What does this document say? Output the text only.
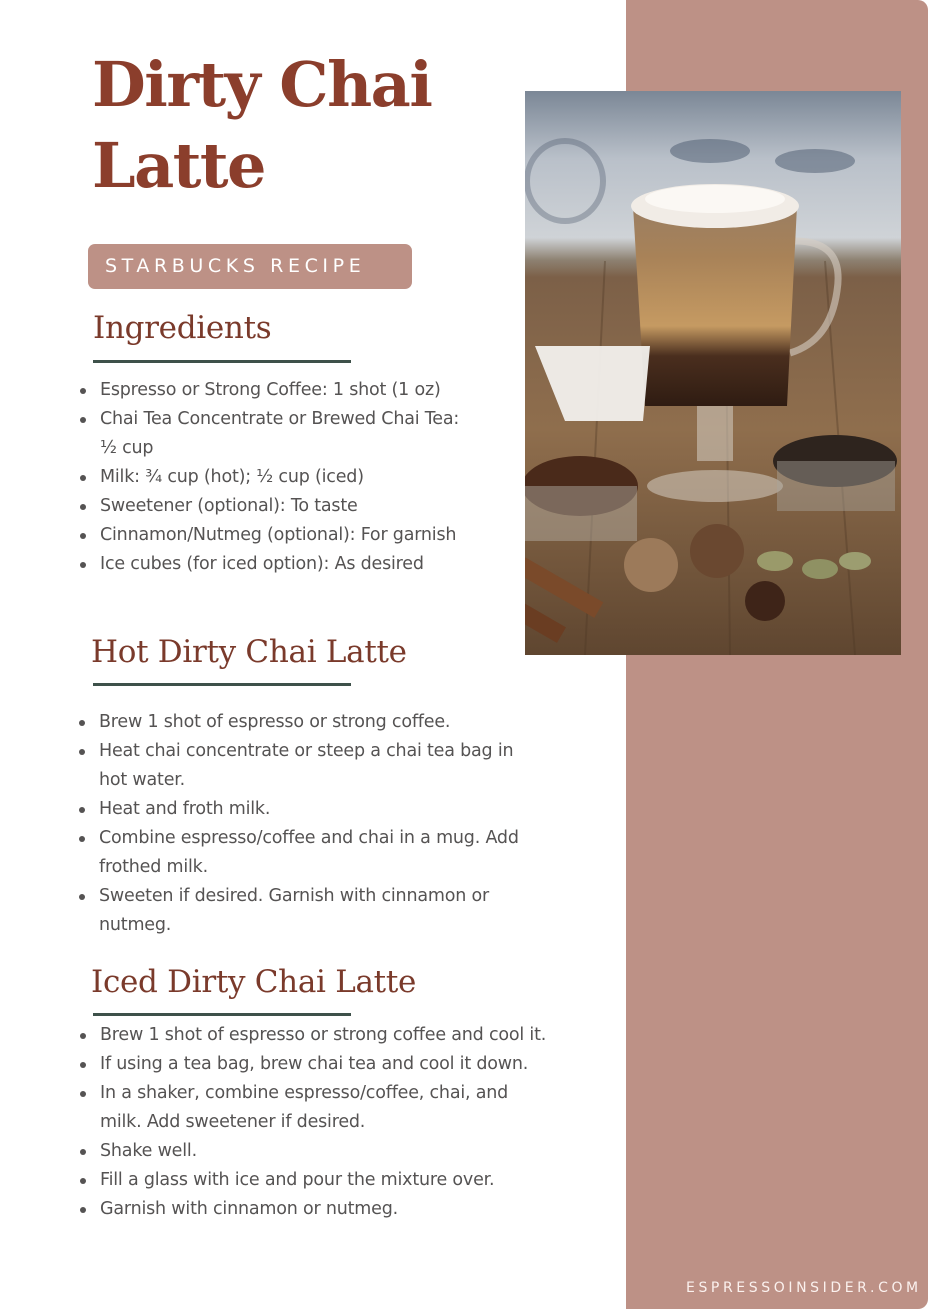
Dirty Chai Latte
STARBUCKS RECIPE
Ingredients
Espresso or Strong Coffee: 1 shot (1 oz)
Chai Tea Concentrate or Brewed Chai Tea: ½ cup
Milk: ¾ cup (hot); ½ cup (iced)
Sweetener (optional): To taste
Cinnamon/Nutmeg (optional): For garnish
Ice cubes (for iced option): As desired
Hot Dirty Chai Latte
Brew 1 shot of espresso or strong coffee.
Heat chai concentrate or steep a chai tea bag in hot water.
Heat and froth milk.
Combine espresso/coffee and chai in a mug. Add frothed milk.
Sweeten if desired. Garnish with cinnamon or nutmeg.
Iced Dirty Chai Latte
Brew 1 shot of espresso or strong coffee and cool it.
If using a tea bag, brew chai tea and cool it down.
In a shaker, combine espresso/coffee, chai, and milk. Add sweetener if desired.
Shake well.
Fill a glass with ice and pour the mixture over.
Garnish with cinnamon or nutmeg.
ESPRESSOINSIDER.COM
